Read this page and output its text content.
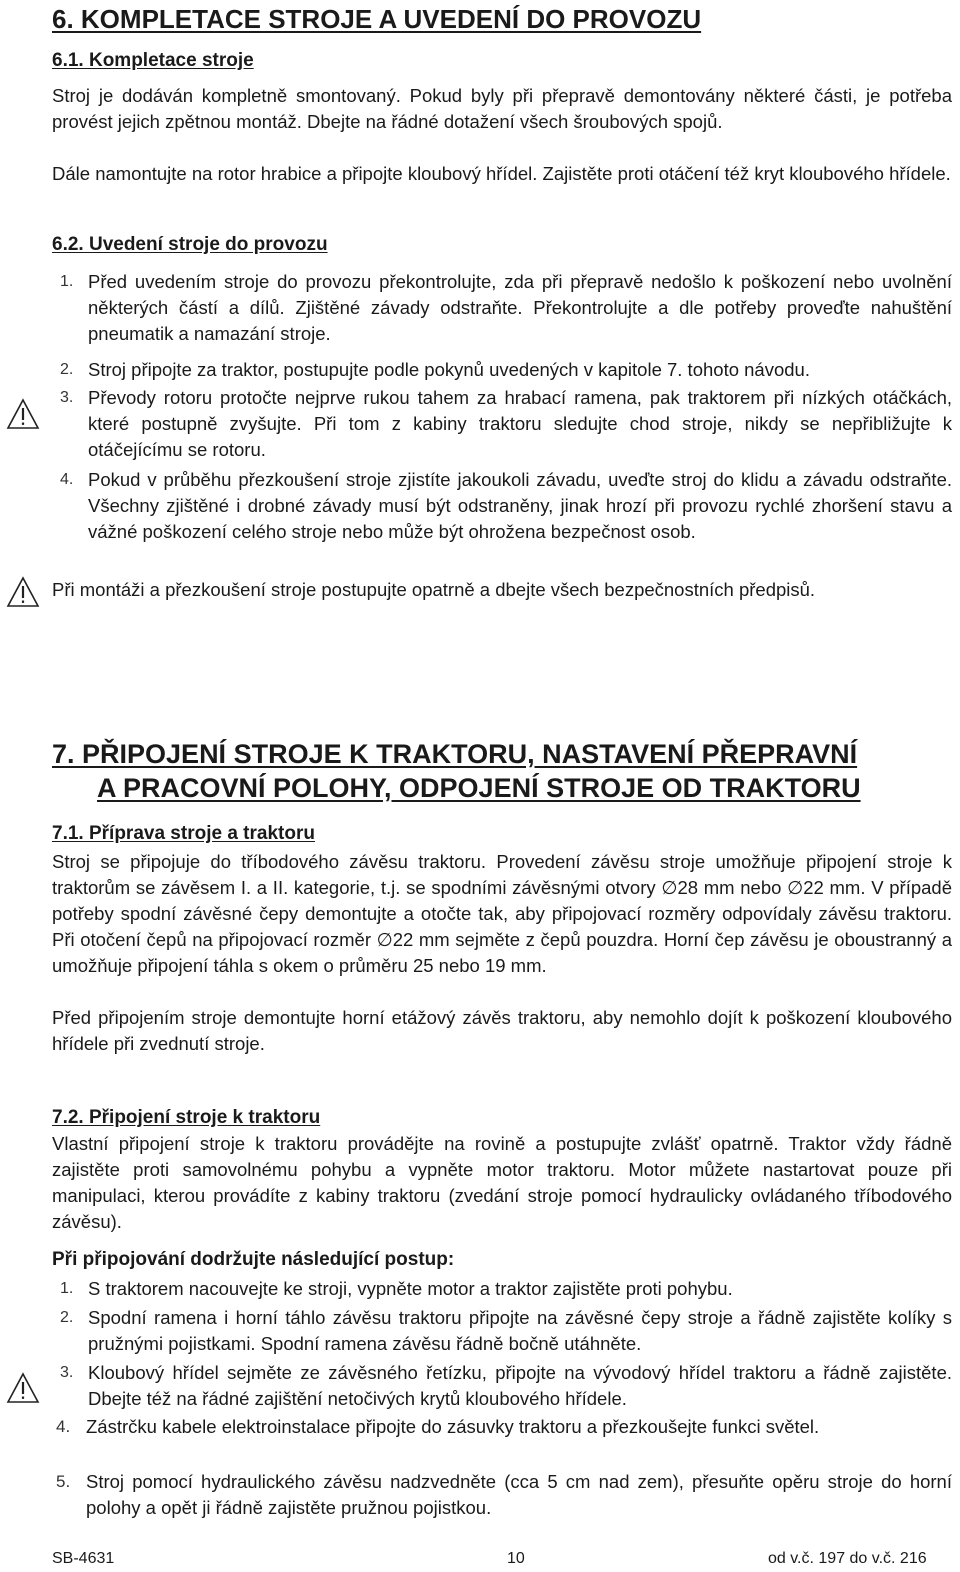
6. KOMPLETACE STROJE A UVEDENÍ DO PROVOZU
6.1. Kompletace stroje

Stroj je dodáván kompletně smontovaný. Pokud byly při přepravě demontovány některé části, je potřeba provést jejich zpětnou montáž. Dbejte na řádné dotažení všech šroubových spojů.

Dále namontujte na rotor hrabice a připojte kloubový hřídel. Zajistěte proti otáčení též kryt kloubového hřídele.

6.2. Uvedení stroje do provozu
1. Před uvedením stroje do provozu překontrolujte, zda při přepravě nedošlo k poškození nebo uvolnění některých částí a dílů. Zjištěné závady odstraňte. Překontrolujte a dle potřeby proveďte nahuštění pneumatik a namazání stroje.
2. Stroj připojte za traktor, postupujte podle pokynů uvedených v kapitole 7. tohoto návodu.
3. Převody rotoru protočte nejprve rukou tahem za hrabací ramena, pak traktorem při nízkých otáčkách, které postupně zvyšujte. Při tom z kabiny traktoru sledujte chod stroje, nikdy se nepřibližujte k otáčejícímu se rotoru.
4. Pokud v průběhu přezkoušení stroje zjistíte jakoukoli závadu, uveďte stroj do klidu a závadu odstraňte. Všechny zjištěné i drobné závady musí být odstraněny, jinak hrozí při provozu rychlé zhoršení stavu a vážné poškození celého stroje nebo může být ohrožena bezpečnost osob.

Při montáži a přezkoušení stroje postupujte opatrně a dbejte všech bezpečnostních předpisů.

7. PŘIPOJENÍ STROJE K TRAKTORU, NASTAVENÍ PŘEPRAVNÍ
A PRACOVNÍ POLOHY, ODPOJENÍ STROJE OD TRAKTORU
7.1. Příprava stroje a traktoru

Stroj se připojuje do tříbodového závěsu traktoru. Provedení závěsu stroje umožňuje připojení stroje k traktorům se závěsem I. a II. kategorie, t.j. se spodními závěsnými otvory ∅28 mm nebo ∅22 mm. V případě potřeby spodní závěsné čepy demontujte a otočte tak, aby připojovací rozměry odpovídaly závěsu traktoru. Při otočení čepů na připojovací rozměr ∅22 mm sejměte z čepů pouzdra. Horní čep závěsu je oboustranný a umožňuje připojení táhla s okem o průměru 25 nebo 19 mm.

Před připojením stroje demontujte horní etážový závěs traktoru, aby nemohlo dojít k poškození kloubového hřídele při zvednutí stroje.

7.2. Připojení stroje k traktoru

Vlastní připojení stroje k traktoru provádějte na rovině a postupujte zvlášť opatrně. Traktor vždy řádně zajistěte proti samovolnému pohybu a vypněte motor traktoru. Motor můžete nastartovat pouze při manipulaci, kterou provádíte z kabiny traktoru (zvedání stroje pomocí hydraulicky ovládaného tříbodového závěsu).

Při připojování dodržujte následující postup:
1. S traktorem nacouvejte ke stroji, vypněte motor a traktor zajistěte proti pohybu.
2. Spodní ramena i horní táhlo závěsu traktoru připojte na závěsné čepy stroje a řádně zajistěte kolíky s pružnými pojistkami. Spodní ramena závěsu řádně bočně utáhněte.
3. Kloubový hřídel sejměte ze závěsného řetízku, připojte na vývodový hřídel traktoru a řádně zajistěte. Dbejte též na řádné zajištění netočivých krytů kloubového hřídele.
4. Zástrčku kabele elektroinstalace připojte do zásuvky traktoru a přezkoušejte funkci světel.
5. Stroj pomocí hydraulického závěsu nadzvedněte (cca 5 cm nad zem), přesuňte opěru stroje do horní polohy a opět ji řádně zajistěte pružnou pojistkou.
SB-4631	10	od v.č. 197 do v.č. 216
